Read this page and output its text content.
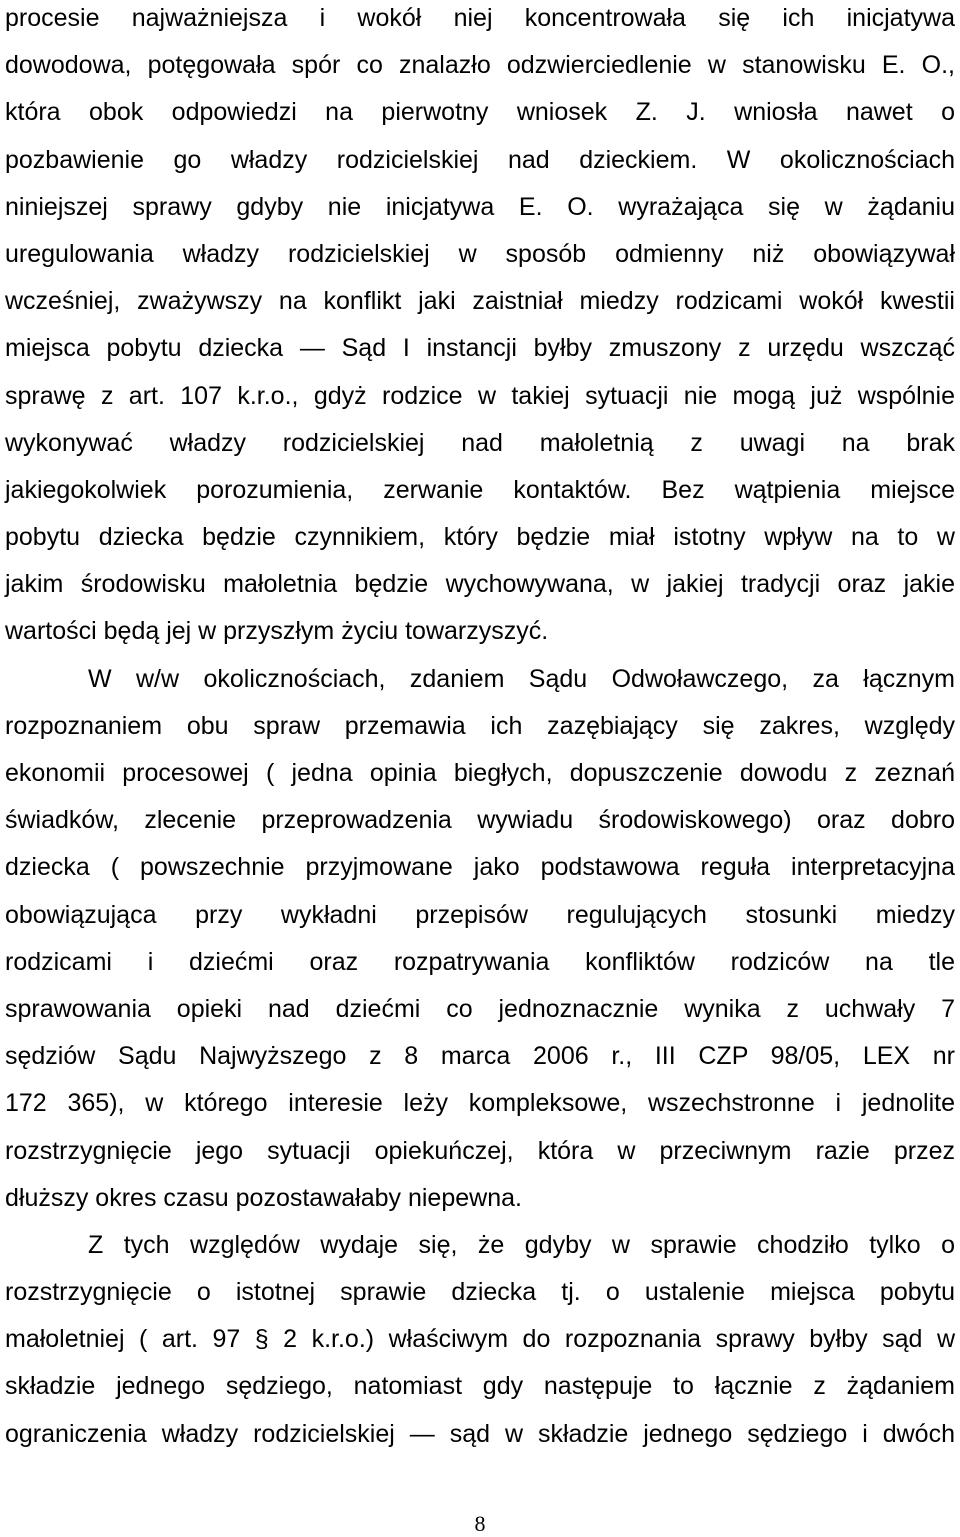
procesie najważniejsza i wokół niej koncentrowała się ich inicjatywa
dowodowa, potęgowała spór co znalazło odzwierciedlenie w stanowisku E. O.,
która obok odpowiedzi na pierwotny wniosek Z. J. wniosła nawet o
pozbawienie go władzy rodzicielskiej nad dzieckiem. W okolicznościach
niniejszej sprawy gdyby nie inicjatywa E. O. wyrażająca się w żądaniu
uregulowania władzy rodzicielskiej w sposób odmienny niż obowiązywał
wcześniej, zważywszy na konflikt jaki zaistniał miedzy rodzicami wokół kwestii
miejsca pobytu dziecka — Sąd I instancji byłby zmuszony z urzędu wszcząć
sprawę z art. 107 k.r.o., gdyż rodzice w takiej sytuacji nie mogą już wspólnie
wykonywać władzy rodzicielskiej nad małoletnią z uwagi na brak
jakiegokolwiek porozumienia, zerwanie kontaktów. Bez wątpienia miejsce
pobytu dziecka będzie czynnikiem, który będzie miał istotny wpływ na to w
jakim środowisku małoletnia będzie wychowywana, w jakiej tradycji oraz jakie
wartości będą jej w przyszłym życiu towarzyszyć.
W w/w okolicznościach, zdaniem Sądu Odwoławczego, za łącznym
rozpoznaniem obu spraw przemawia ich zazębiający się zakres, względy
ekonomii procesowej ( jedna opinia biegłych, dopuszczenie dowodu z zeznań
świadków, zlecenie przeprowadzenia wywiadu środowiskowego) oraz dobro
dziecka ( powszechnie przyjmowane jako podstawowa reguła interpretacyjna
obowiązująca przy wykładni przepisów regulujących stosunki miedzy
rodzicami i dziećmi oraz rozpatrywania konfliktów rodziców na tle
sprawowania opieki nad dziećmi co jednoznacznie wynika z uchwały 7
sędziów Sądu Najwyższego z 8 marca 2006 r., III CZP 98/05, LEX nr
172 365), w którego interesie leży kompleksowe, wszechstronne i jednolite
rozstrzygnięcie jego sytuacji opiekuńczej, która w przeciwnym razie przez
dłuższy okres czasu pozostawałaby niepewna.
Z tych względów wydaje się, że gdyby w sprawie chodziło tylko o
rozstrzygnięcie o istotnej sprawie dziecka tj. o ustalenie miejsca pobytu
małoletniej ( art. 97 § 2 k.r.o.) właściwym do rozpoznania sprawy byłby sąd w
składzie jednego sędziego, natomiast gdy następuje to łącznie z żądaniem
ograniczenia władzy rodzicielskiej — sąd w składzie jednego sędziego i dwóch
8
